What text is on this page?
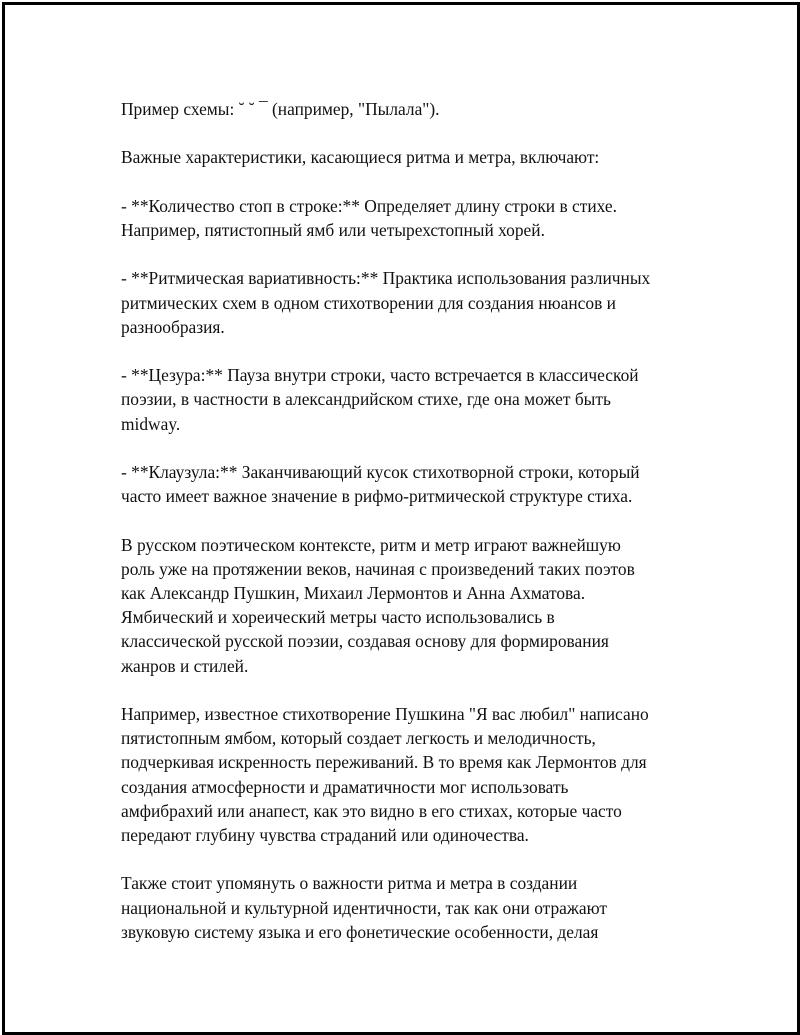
Пример схемы: ˘ ˘ ¯ (например, "Пылала").

Важные характеристики, касающиеся ритма и метра, включают:

- **Количество стоп в строке:** Определяет длину строки в стихе.
Например, пятистопный ямб или четырехстопный хорей.

- **Ритмическая вариативность:** Практика использования различных
ритмических схем в одном стихотворении для создания нюансов и
разнообразия.

- **Цезура:** Пауза внутри строки, часто встречается в классической
поэзии, в частности в александрийском стихе, где она может быть
midway.

- **Клаузула:** Заканчивающий кусок стихотворной строки, который
часто имеет важное значение в рифмо-ритмической структуре стиха.

В русском поэтическом контексте, ритм и метр играют важнейшую
роль уже на протяжении веков, начиная с произведений таких поэтов
как Александр Пушкин, Михаил Лермонтов и Анна Ахматова.
Ямбический и хореический метры часто использовались в
классической русской поэзии, создавая основу для формирования
жанров и стилей.

Например, известное стихотворение Пушкина "Я вас любил" написано
пятистопным ямбом, который создает легкость и мелодичность,
подчеркивая искренность переживаний. В то время как Лермонтов для
создания атмосферности и драматичности мог использовать
амфибрахий или анапест, как это видно в его стихах, которые часто
передают глубину чувства страданий или одиночества.

Также стоит упомянуть о важности ритма и метра в создании
национальной и культурной идентичности, так как они отражают
звуковую систему языка и его фонетические особенности, делая
